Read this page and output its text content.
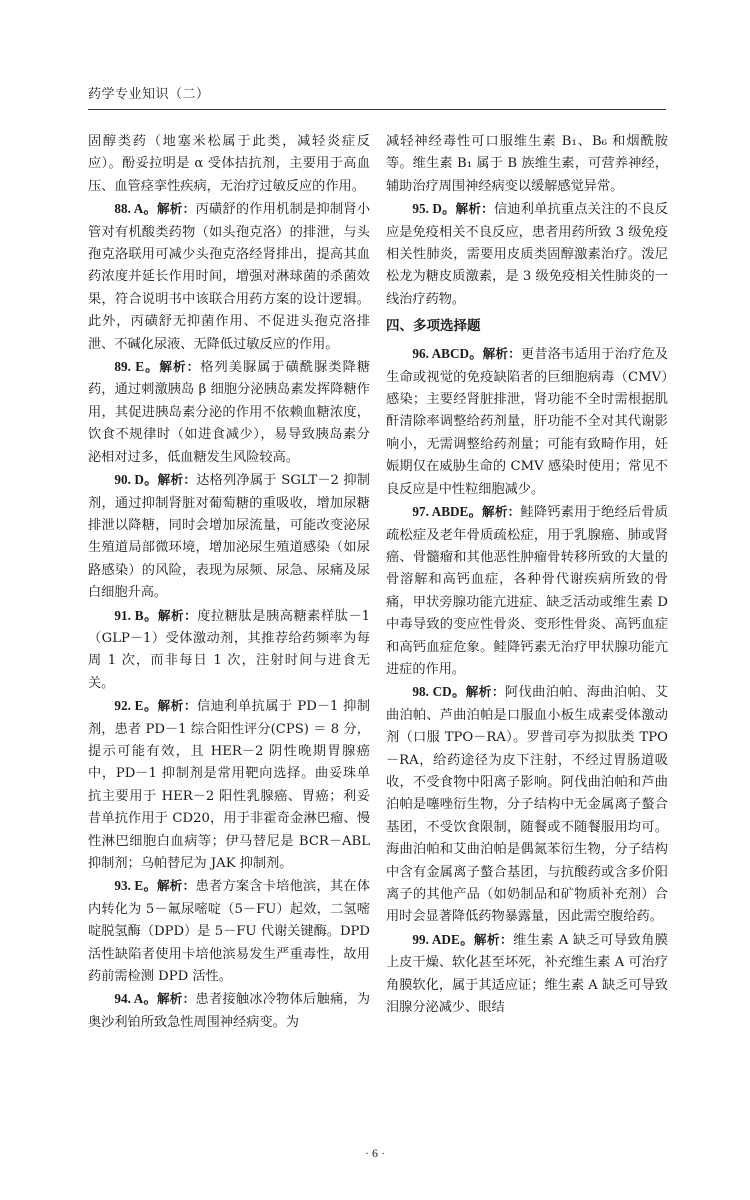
药学专业知识（二）

固醇类药（地塞米松属于此类，减轻炎症反应）。酚妥拉明是 α 受体拮抗剂，主要用于高血压、血管痉挛性疾病，无治疗过敏反应的作用。

88. A。解析：丙磺舒的作用机制是抑制肾小管对有机酸类药物（如头孢克洛）的排泄，与头孢克洛联用可减少头孢克洛经肾排出，提高其血药浓度并延长作用时间，增强对淋球菌的杀菌效果，符合说明书中该联合用药方案的设计逻辑。此外，丙磺舒无抑菌作用、不促进头孢克洛排泄、不碱化尿液、无降低过敏反应的作用。

89. E。解析：格列美脲属于磺酰脲类降糖药，通过刺激胰岛 β 细胞分泌胰岛素发挥降糖作用，其促进胰岛素分泌的作用不依赖血糖浓度，饮食不规律时（如进食减少），易导致胰岛素分泌相对过多，低血糖发生风险较高。

90. D。解析：达格列净属于 SGLT－2 抑制剂，通过抑制肾脏对葡萄糖的重吸收，增加尿糖排泄以降糖，同时会增加尿流量，可能改变泌尿生殖道局部微环境，增加泌尿生殖道感染（如尿路感染）的风险，表现为尿频、尿急、尿痛及尿白细胞升高。

91. B。解析：度拉糖肽是胰高糖素样肽－1（GLP－1）受体激动剂，其推荐给药频率为每周 1 次，而非每日 1 次，注射时间与进食无关。

92. E。解析：信迪利单抗属于 PD－1 抑制剂，患者 PD－1 综合阳性评分(CPS) ＝ 8 分，提示可能有效，且 HER－2 阴性晚期胃腺癌中，PD－1 抑制剂是常用靶向选择。曲妥珠单抗主要用于 HER－2 阳性乳腺癌、胃癌；利妥昔单抗作用于 CD20，用于非霍奇金淋巴瘤、慢性淋巴细胞白血病等；伊马替尼是 BCR－ABL 抑制剂；乌帕替尼为 JAK 抑制剂。

93. E。解析：患者方案含卡培他滨，其在体内转化为 5－氟尿嘧啶（5－FU）起效，二氢嘧啶脱氢酶（DPD）是 5－FU 代谢关键酶。DPD 活性缺陷者使用卡培他滨易发生严重毒性，故用药前需检测 DPD 活性。

94. A。解析：患者接触冰冷物体后触痛，为奥沙利铂所致急性周围神经病变。为

减轻神经毒性可口服维生素 B₁、B₆ 和烟酰胺等。维生素 B₁ 属于 B 族维生素，可营养神经，辅助治疗周围神经病变以缓解感觉异常。

95. D。解析：信迪利单抗重点关注的不良反应是免疫相关不良反应，患者用药所致 3 级免疫相关性肺炎，需要用皮质类固醇激素治疗。泼尼松龙为糖皮质激素，是 3 级免疫相关性肺炎的一线治疗药物。

四、多项选择题

96. ABCD。解析：更昔洛韦适用于治疗危及生命或视觉的免疫缺陷者的巨细胞病毒（CMV）感染；主要经肾脏排泄，肾功能不全时需根据肌酐清除率调整给药剂量，肝功能不全对其代谢影响小，无需调整给药剂量；可能有致畸作用，妊娠期仅在威胁生命的 CMV 感染时使用；常见不良反应是中性粒细胞减少。

97. ABDE。解析：鲑降钙素用于绝经后骨质疏松症及老年骨质疏松症，用于乳腺癌、肺或肾癌、骨髓瘤和其他恶性肿瘤骨转移所致的大量的骨溶解和高钙血症，各种骨代谢疾病所致的骨痛，甲状旁腺功能亢进症、缺乏活动或维生素 D 中毒导致的变应性骨炎、变形性骨炎、高钙血症和高钙血症危象。鲑降钙素无治疗甲状腺功能亢进症的作用。

98. CD。解析：阿伐曲泊帕、海曲泊帕、艾曲泊帕、芦曲泊帕是口服血小板生成素受体激动剂（口服 TPO－RA）。罗普司亭为拟肽类 TPO－RA，给药途径为皮下注射，不经过胃肠道吸收，不受食物中阳离子影响。阿伐曲泊帕和芦曲泊帕是噻唑衍生物，分子结构中无金属离子螯合基团，不受饮食限制，随餐或不随餐服用均可。海曲泊帕和艾曲泊帕是偶氮苯衍生物，分子结构中含有金属离子螯合基团，与抗酸药或含多价阳离子的其他产品（如奶制品和矿物质补充剂）合用时会显著降低药物暴露量，因此需空腹给药。

99. ADE。解析：维生素 A 缺乏可导致角膜上皮干燥、软化甚至坏死，补充维生素 A 可治疗角膜软化，属于其适应证；维生素 A 缺乏可导致泪腺分泌减少、眼结

· 6 ·
